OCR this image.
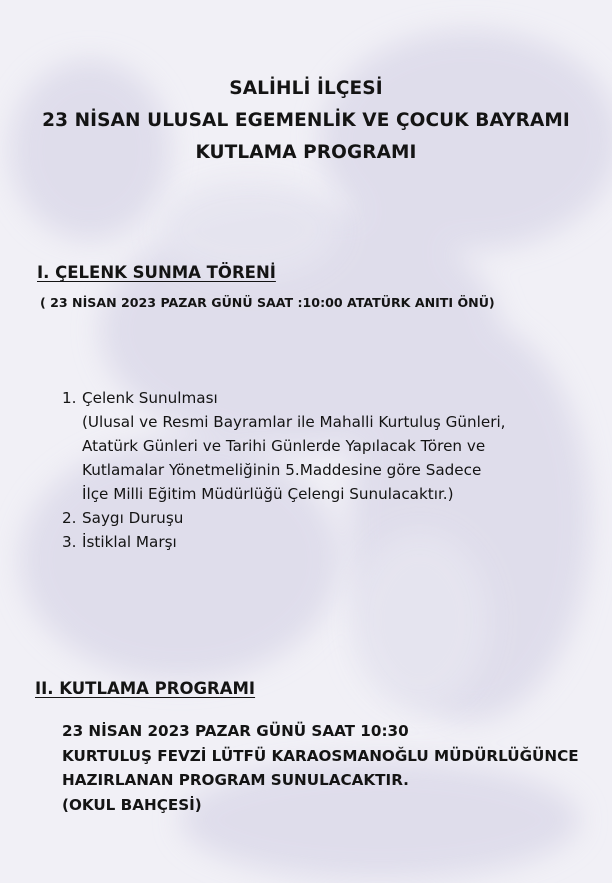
SALİHLİ İLÇESİ
23 NİSAN ULUSAL EGEMENLİK VE ÇOCUK BAYRAMI
KUTLAMA PROGRAMI
I. ÇELENK SUNMA TÖRENİ
( 23 NİSAN 2023 PAZAR GÜNÜ SAAT :10:00 ATATÜRK ANITI ÖNÜ)
1. Çelenk Sunulması
(Ulusal ve Resmi Bayramlar ile Mahalli Kurtuluş Günleri,
Atatürk Günleri ve Tarihi Günlerde Yapılacak Tören ve
Kutlamalar Yönetmeliğinin 5.Maddesine göre Sadece
İlçe Milli Eğitim Müdürlüğü Çelengi Sunulacaktır.)
2. Saygı Duruşu
3. İstiklal Marşı
II. KUTLAMA PROGRAMI
23 NİSAN 2023 PAZAR GÜNÜ SAAT 10:30
KURTULUŞ FEVZİ LÜTFÜ KARAOSMANOĞLU MÜDÜRLÜĞÜNCE
HAZIRLANAN PROGRAM SUNULACAKTIR.
(OKUL BAHÇESİ)
